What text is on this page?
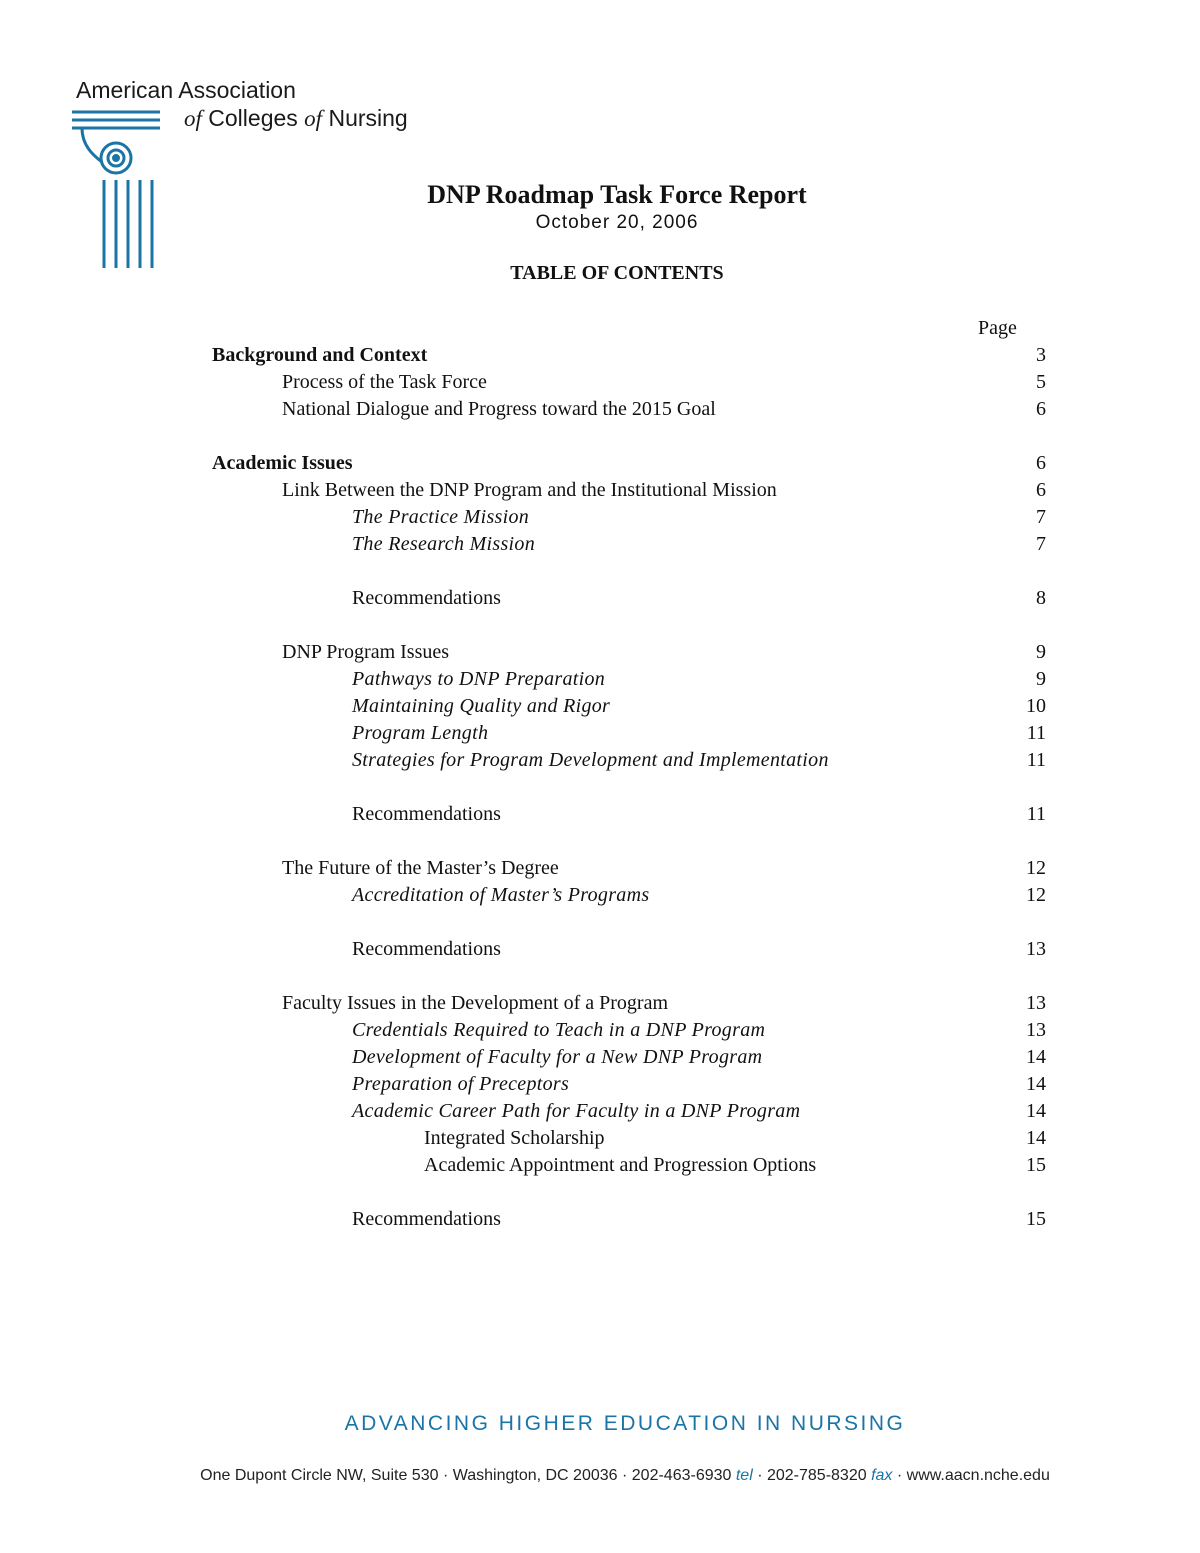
American Association
of Colleges of Nursing
DNP Roadmap Task Force Report
October 20, 2006
TABLE OF CONTENTS
Page
Background and Context	3
Process of the Task Force	5
National Dialogue and Progress toward the 2015 Goal	6
Academic Issues	6
Link Between the DNP Program and the Institutional Mission	6
The Practice Mission	7
The Research Mission	7
Recommendations	8
DNP Program Issues	9
Pathways to DNP Preparation	9
Maintaining Quality and Rigor	10
Program Length	11
Strategies for Program Development and Implementation	11
Recommendations	11
The Future of the Master’s Degree	12
Accreditation of Master’s Programs	12
Recommendations	13
Faculty Issues in the Development of a Program	13
Credentials Required to Teach in a DNP Program	13
Development of Faculty for a New DNP Program	14
Preparation of Preceptors	14
Academic Career Path for Faculty in a DNP Program	14
Integrated Scholarship	14
Academic Appointment and Progression Options	15
Recommendations	15
ADVANCING HIGHER EDUCATION IN NURSING
One Dupont Circle NW, Suite 530 · Washington, DC 20036 · 202-463-6930 tel · 202-785-8320 fax · www.aacn.nche.edu
